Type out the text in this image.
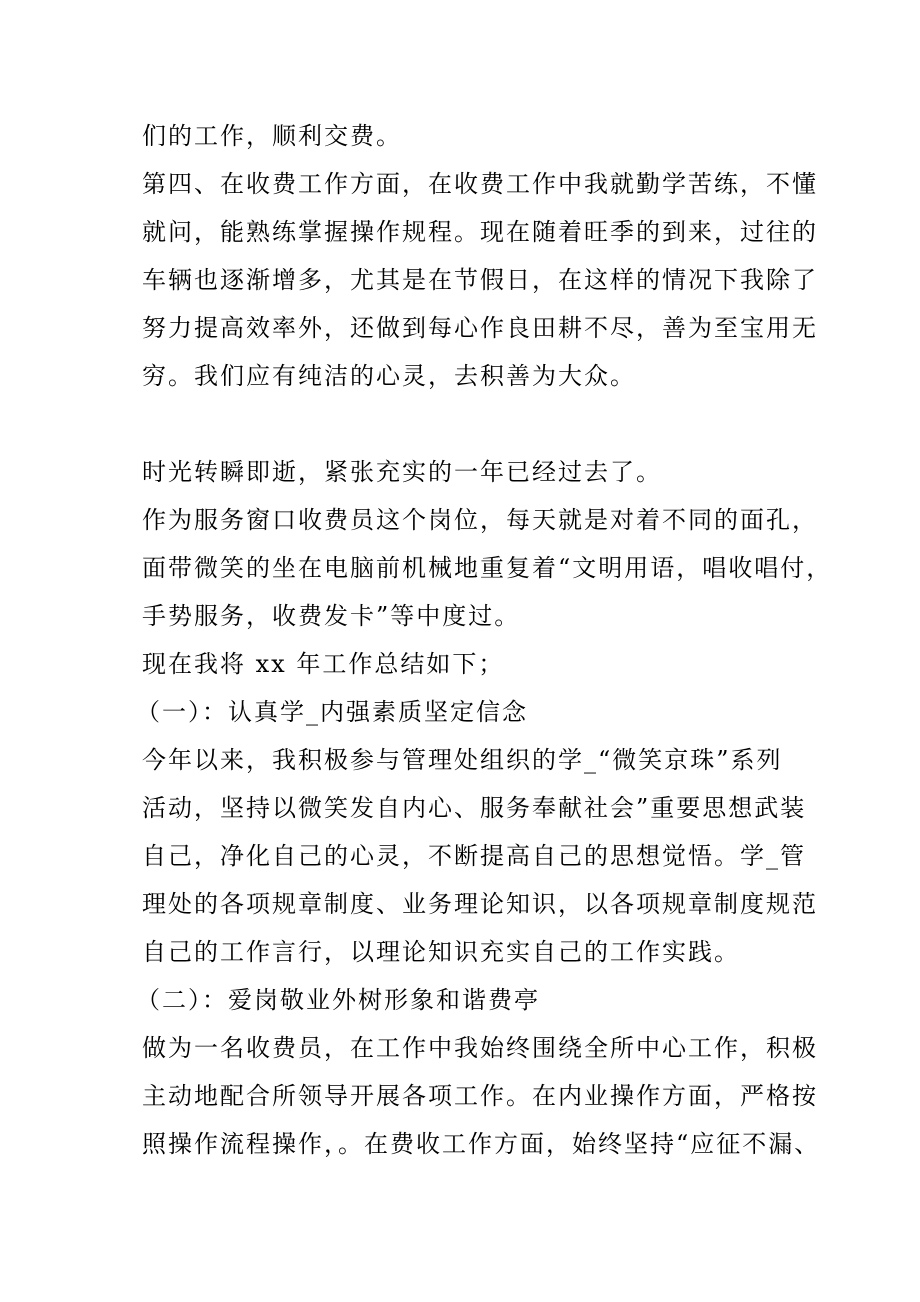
们的工作，顺利交费。
第四、在收费工作方面，在收费工作中我就勤学苦练，不懂
就问，能熟练掌握操作规程。现在随着旺季的到来，过往的
车辆也逐渐增多，尤其是在节假日，在这样的情况下我除了
努力提高效率外，还做到每心作良田耕不尽，善为至宝用无
穷。我们应有纯洁的心灵，去积善为大众。
时光转瞬即逝，紧张充实的一年已经过去了。
作为服务窗口收费员这个岗位，每天就是对着不同的面孔，
面带微笑的坐在电脑前机械地重复着“文明用语，唱收唱付，
手势服务，收费发卡”等中度过。
现在我将 xx 年工作总结如下；
（一）：认真学_内强素质坚定信念
今年以来，我积极参与管理处组织的学_“微笑京珠”系列
活动，坚持以微笑发自内心、服务奉献社会”重要思想武装
自己，净化自己的心灵，不断提高自己的思想觉悟。学_管
理处的各项规章制度、业务理论知识，以各项规章制度规范
自己的工作言行，以理论知识充实自己的工作实践。
（二）：爱岗敬业外树形象和谐费亭
做为一名收费员，在工作中我始终围绕全所中心工作，积极
主动地配合所领导开展各项工作。在内业操作方面，严格按
照操作流程操作，。在费收工作方面，始终坚持“应征不漏、
